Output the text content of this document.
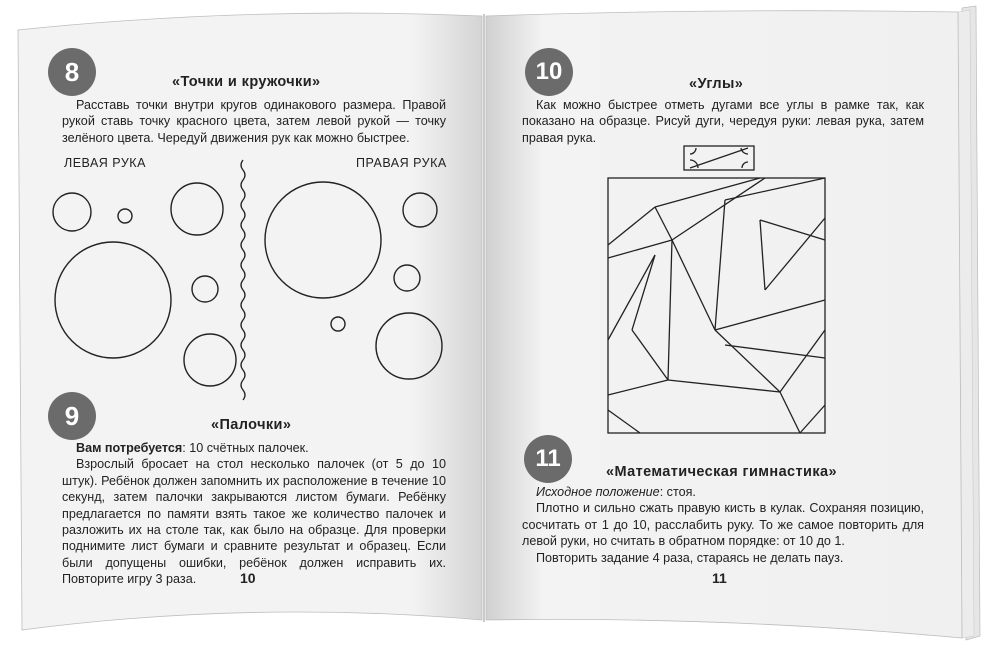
8	«Точки и кружочки»

Расставь точки внутри кругов одинакового размера. Правой рукой ставь точку красного цвета, затем левой рукой — точку зелёного цвета. Чередуй движения рук как можно быстрее.

ЛЕВАЯ РУКА	ПРАВАЯ РУКА
9	«Палочки»

Вам потребуется: 10 счётных палочек.

Взрослый бросает на стол несколько палочек (от 5 до 10 штук). Ребёнок должен запомнить их расположение в течение 10 секунд, затем палочки закрываются листом бумаги. Ребёнку предлагается по памяти взять такое же количество палочек и разложить их на столе так, как было на образце. Для проверки поднимите лист бумаги и сравните результат и образец. Если были допущены ошибки, ребёнок должен исправить их. Повторите игру 3 раза.	10
10	«Углы»

Как можно быстрее отметь дугами все углы в рамке так, как показано на образце. Рисуй дуги, чередуя руки: левая рука, затем правая рука.

11	«Математическая гимнастика»

Исходное положение: стоя.

Плотно и сильно сжать правую кисть в кулак. Сохраняя позицию, сосчитать от 1 до 10, расслабить руку. То же самое повторить для левой руки, но считать в обратном порядке: от 10 до 1.

Повторить задание 4 раза, стараясь не делать пауз.

11
